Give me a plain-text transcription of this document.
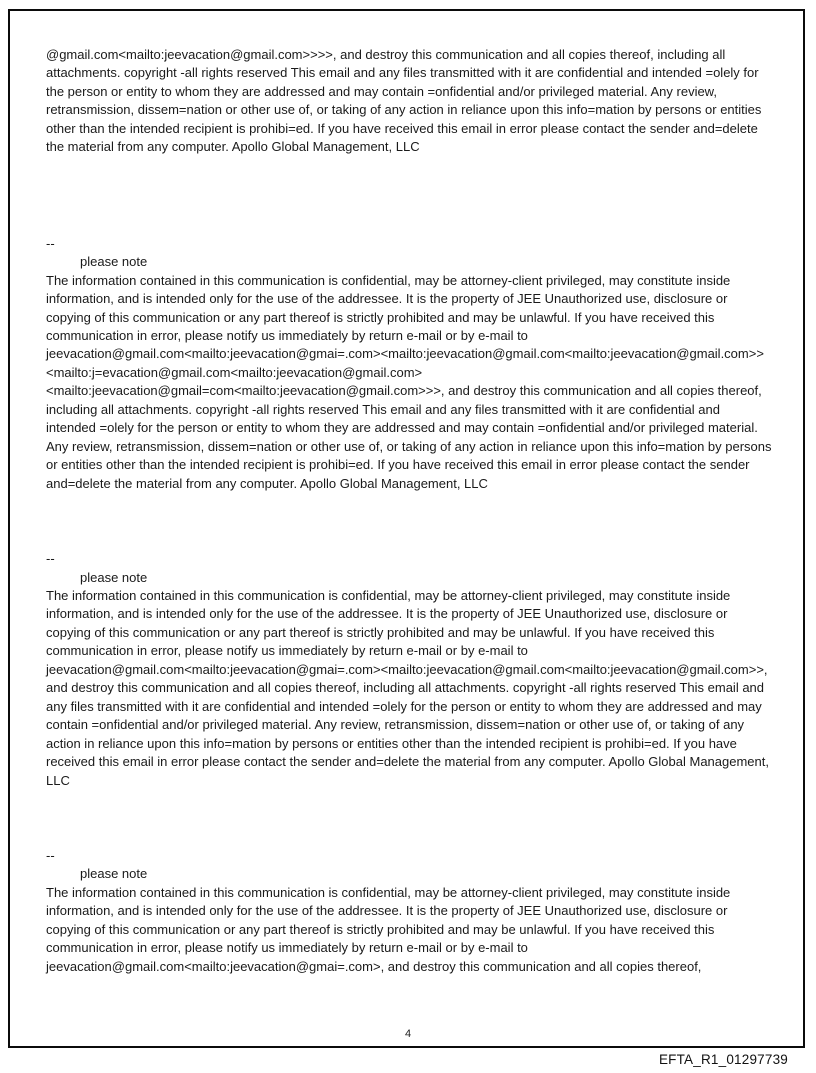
@gmail.com<mailto:jeevacation@gmail.com>>>>, and destroy this communication and all copies thereof, including all attachments. copyright -all rights reserved This email and any files transmitted with it are confidential and intended =olely for the person or entity to whom they are addressed and may contain =onfidential and/or privileged material. Any review, retransmission, dissem=nation or other use of, or taking of any action in reliance upon this info=mation by persons or entities other than the intended recipient is prohibi=ed. If you have received this email in error please contact the sender and=delete the material from any computer. Apollo Global Management, LLC

--
please note

The information contained in this communication is confidential, may be attorney-client privileged, may constitute inside information, and is intended only for the use of the addressee. It is the property of JEE Unauthorized use, disclosure or copying of this communication or any part thereof is strictly prohibited and may be unlawful. If you have received this communication in error, please notify us immediately by return e-mail or by e-mail to jeevacation@gmail.com<mailto:jeevacation@gmai=.com><mailto:jeevacation@gmail.com<mailto:jeevacation@gmail.com>><mailto:j=evacation@gmail.com<mailto:jeevacation@gmail.com><mailto:jeevacation@gmail=com<mailto:jeevacation@gmail.com>>>, and destroy this communication and all copies thereof, including all attachments. copyright -all rights reserved This email and any files transmitted with it are confidential and intended =olely for the person or entity to whom they are addressed and may contain =onfidential and/or privileged material. Any review, retransmission, dissem=nation or other use of, or taking of any action in reliance upon this info=mation by persons or entities other than the intended recipient is prohibi=ed. If you have received this email in error please contact the sender and=delete the material from any computer. Apollo Global Management, LLC

--
please note

The information contained in this communication is confidential, may be attorney-client privileged, may constitute inside information, and is intended only for the use of the addressee. It is the property of JEE Unauthorized use, disclosure or copying of this communication or any part thereof is strictly prohibited and may be unlawful. If you have received this communication in error, please notify us immediately by return e-mail or by e-mail to jeevacation@gmail.com<mailto:jeevacation@gmai=.com><mailto:jeevacation@gmail.com<mailto:jeevacation@gmail.com>>, and destroy this communication and all copies thereof, including all attachments. copyright -all rights reserved This email and any files transmitted with it are confidential and intended =olely for the person or entity to whom they are addressed and may contain =onfidential and/or privileged material. Any review, retransmission, dissem=nation or other use of, or taking of any action in reliance upon this info=mation by persons or entities other than the intended recipient is prohibi=ed. If you have received this email in error please contact the sender and=delete the material from any computer. Apollo Global Management, LLC

--
please note

The information contained in this communication is confidential, may be attorney-client privileged, may constitute inside information, and is intended only for the use of the addressee. It is the property of JEE Unauthorized use, disclosure or copying of this communication or any part thereof is strictly prohibited and may be unlawful. If you have received this communication in error, please notify us immediately by return e-mail or by e-mail to jeevacation@gmail.com<mailto:jeevacation@gmai=.com>, and destroy this communication and all copies thereof,

4
EFTA_R1_01297739
